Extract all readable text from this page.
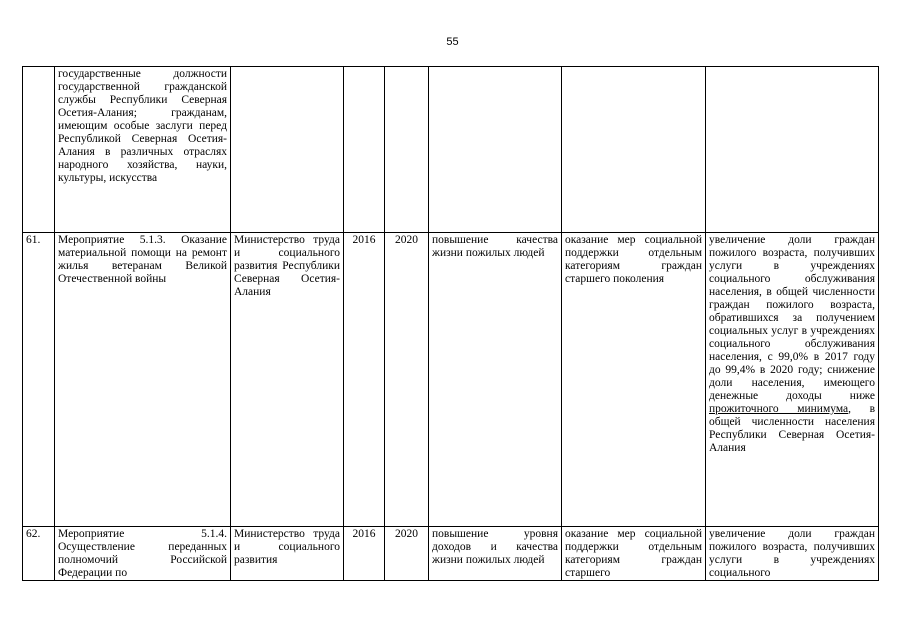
55
	государственные должности государственной гражданской службы Республики Северная Осетия-Алания; гражданам, имеющим особые заслуги перед Республикой Северная Осетия-Алания в различных отраслях народного хозяйства, науки, культуры, искусства						
61.	Мероприятие 5.1.3. Оказание материальной помощи на ремонт жилья ветеранам Великой Отечественной войны	Министерство труда и социального развития Республики Северная Осетия-Алания	2016	2020	повышение качества жизни пожилых людей	оказание мер социальной поддержки отдельным категориям граждан старшего поколения	увеличение доли граждан пожилого возраста, получивших услуги в учреждениях социального обслуживания населения, в общей численности граждан пожилого возраста, обратившихся за получением социальных услуг в учреждениях социального обслуживания населения, с 99,0% в 2017 году до 99,4% в 2020 году; снижение доли населения, имеющего денежные доходы ниже прожиточного минимума, в общей численности населения Республики Северная Осетия-Алания
62.	Мероприятие 5.1.4. Осуществление переданных полномочий Российской Федерации по	Министерство труда и социального развития	2016	2020	повышение уровня доходов и качества жизни пожилых людей	оказание мер социальной поддержки отдельным категориям граждан старшего	увеличение доли граждан пожилого возраста, получивших услуги в учреждениях социального
